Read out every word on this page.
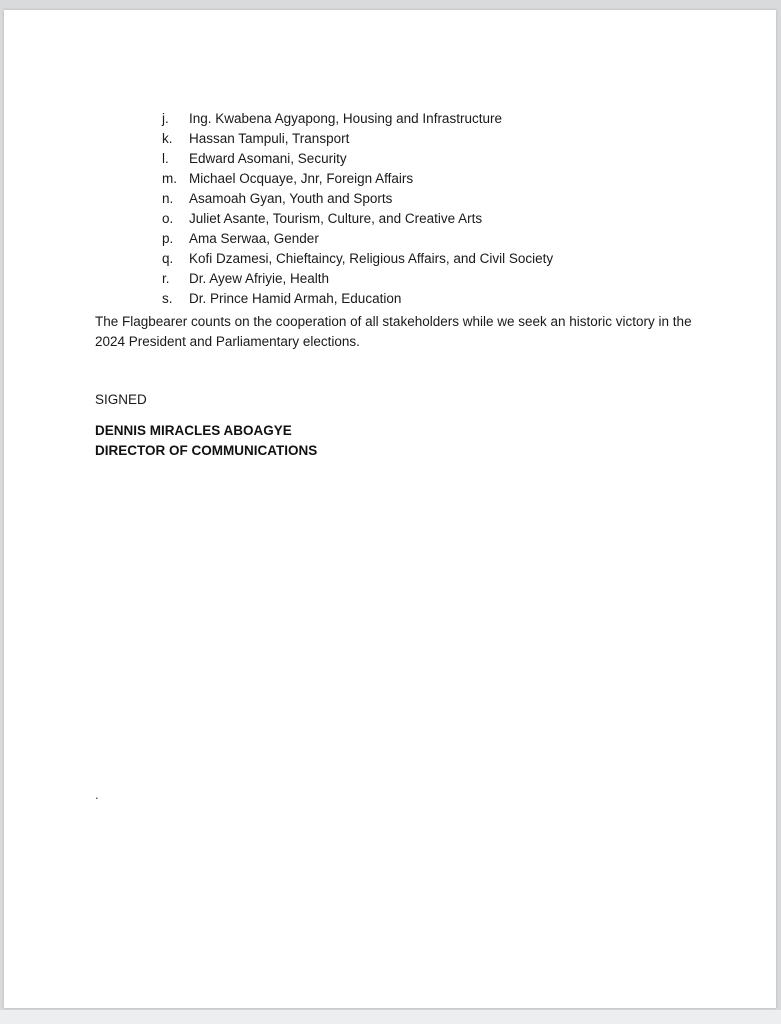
j. Ing. Kwabena Agyapong, Housing and Infrastructure
k. Hassan Tampuli, Transport
l. Edward Asomani, Security
m. Michael Ocquaye, Jnr, Foreign Affairs
n. Asamoah Gyan, Youth and Sports
o. Juliet Asante, Tourism, Culture, and Creative Arts
p. Ama Serwaa, Gender
q. Kofi Dzamesi, Chieftaincy, Religious Affairs, and Civil Society
r. Dr. Ayew Afriyie, Health
s. Dr. Prince Hamid Armah, Education

The Flagbearer counts on the cooperation of all stakeholders while we seek an historic victory in the 2024 President and Parliamentary elections.

SIGNED

DENNIS MIRACLES ABOAGYE
DIRECTOR OF COMMUNICATIONS
.
